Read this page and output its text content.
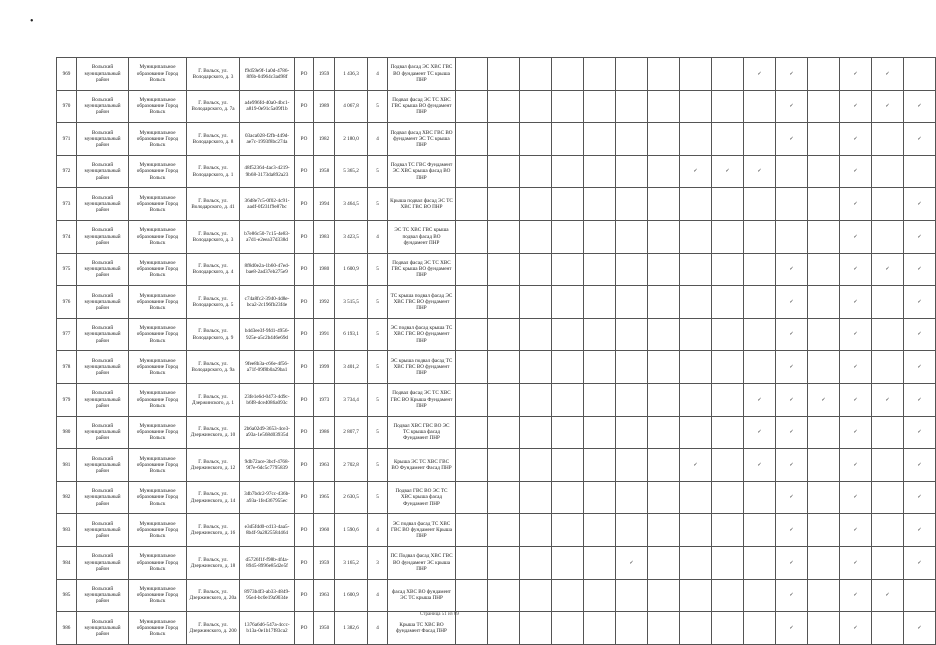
•
969	Вольский муниципальный район	Муниципальное образование Город Вольск	Г. Вольск, ул. Володарского, д. 3	f9d59e9f-1a0d-4786-8f6b-04964c3ad98f	РО	1959	1 436,3	4	Подвал фасад ЭС ХВС ГВС ВО фундамент ТС крыша ПНР										✓	✓		✓	✓	
970	Вольский муниципальный район	Муниципальное образование Город Вольск	Г. Вольск, ул. Володарского, д. 7а	a4e996fd-40a0-4bc1-a819-0e91c5a09f1b	РО	1989	4 067,8	5	Подвал фасад ЭС ТС ХВС ГВС крыша ВО фундамент ПНР											✓		✓	✓	✓
971	Вольский муниципальный район	Муниципальное образование Город Вольск	Г. Вольск, ул. Володарского, д. 8	03aca028-f2fb-449d-ae7c-1993f8bc274a	РО	1982	2 180,0	4	Подвал фасад ХВС ГВС ВО фундамент ЭС ТС крыша ПНР											✓		✓		✓
972	Вольский муниципальный район	Муниципальное образование Город Вольск	Г. Вольск, ул. Володарского, д. 1	48f52364-4ac3-4219-9b68-3173da892a23	РО	1958	5 365,2	5	Подвал ТС ГВС Фундамент ЭС ХВС крыша фасад ВО ПНР								✓	✓	✓			✓		
973	Вольский муниципальный район	Муниципальное образование Город Вольск	Г. Вольск, ул. Володарского, д. 41	36d8e7c5-0f02-4c91-aadf-0f231f9e87bc	РО	1994	3 464,5	5	Крыша подвал фасад ЭС ТС ХВС ГВС ВО ПНР													✓		✓
974	Вольский муниципальный район	Муниципальное образование Город Вольск	Г. Вольск, ул. Володарского, д. 3	b7e86c50-7c15-4e83-a7d1-e2eea37d338d	РО	1983	3 423,5	4	ЭС ТС ХВС ГВС крыша подвал фасад ВО фундамент ПНР													✓		✓
975	Вольский муниципальный район	Муниципальное образование Город Вольск	Г. Вольск, ул. Володарского, д. 4	8f8d0e2a-1b60-47ed-bae8-2ad37eb275e9	РО	1980	1 600,9	5	Подвал фасад ЭС ТС ХВС ГВС крыша ВО фундамент ПНР											✓		✓	✓	✓
976	Вольский муниципальный район	Муниципальное образование Город Вольск	Г. Вольск, ул. Володарского, д. 5	c74a8fc2-3940-4d8e-bca2-2c196fb23f4e	РО	1992	3 515,5	5	ТС крыша подвал фасад ЭС ХВС ГВС ВО фундамент ПНР											✓		✓		✓
977	Вольский муниципальный район	Муниципальное образование Город Вольск	Г. Вольск, ул. Володарского, д. 9	b4d3ee3f-9fd1-4956-925e-a5c2b446e69d	РО	1991	6 193,1	5	ЭС подвал фасад крыша ТС ХВС ГВС ВО фундамент ПНР											✓		✓		✓
978	Вольский муниципальный район	Муниципальное образование Город Вольск	Г. Вольск, ул. Володарского, д. 9а	9fee8b3a-c66e-4f56-a71f-09f8b0a29ba1	РО	1999	3 401,2	5	ЭС крыша подвал фасад ТС ХВС ГВС ВО фундамент ПНР											✓		✓		✓
979	Вольский муниципальный район	Муниципальное образование Город Вольск	Г. Вольск, ул. Дзержинского, д. 1	23fe1e6d-0473-4d9c-b6f8-dce4086a093c	РО	1973	3 734,4	5	Подвал фасад ЭС ТС ХВС ГВС ВО Крыша Фундамент ПНР										✓	✓	✓	✓	✓	✓
980	Вольский муниципальный район	Муниципальное образование Город Вольск	Г. Вольск, ул. Дзержинского, д. 10	2b6a02d9-3653-4ce3-a93a-1e568d03935d	РО	1986	2 807,7	5	Подвал ХВС ГВС ВО ЭС ТС крыша фасад Фундамент ПНР										✓	✓		✓		✓
981	Вольский муниципальный район	Муниципальное образование Город Вольск	Г. Вольск, ул. Дзержинского, д. 12	9db72ace-3bcf-4768-9f7e-6dc5c7795839	РО	1963	2 702,8	5	Крыша ЭС ТС ХВС ГВС ВО Фундамент Фасад ПНР								✓		✓	✓		✓		✓
982	Вольский муниципальный район	Муниципальное образование Город Вольск	Г. Вольск, ул. Дзержинского, д. 14	34b7bdc2-97cc-436b-a93a-1fe4367955ec	РО	1965	2 630,5	5	Подвал ГВС ВО ЭС ТС ХВС крыша фасад Фундамент ПНР											✓		✓		✓
983	Вольский муниципальный район	Муниципальное образование Город Вольск	Г. Вольск, ул. Дзержинского, д. 16	e3d5fdd0-cd13-4aa5-8b4f-9a2825584464	РО	1960	1 590,6	4	ЭС подвал фасад ТС ХВС ГВС ВО фундамент Крыша ПНР											✓		✓		✓
984	Вольский муниципальный район	Муниципальное образование Город Вольск	Г. Вольск, ул. Дзержинского, д. 18	d5726f1f-f98b-4f4a-8945-8996e85d2e5f	РО	1959	3 165,2	3	ПС Подвал фасад ХВС ГВС ВО фундамент ЭС крыша ПНР						✓					✓		✓		✓
985	Вольский муниципальный район	Муниципальное образование Город Вольск	Г. Вольск, ул. Дзержинского, д. 20а	8973b4f3-ab33-4849-95e4-bc0e19a9034e	РО	1963	1 600,9	4	фасад ХВС ВО фундамент ЭС ТС крыша ПНР											✓		✓	✓	
986	Вольский муниципальный район	Муниципальное образование Город Вольск	Г. Вольск, ул. Дзержинского, д. 200	1376a6d6-547a-4ccc-b13a-0e1b17f83ca2	РО	1950	1 382,6	4	Крыша ТС ХВС ВО фундамент Фасад ПНР											✓		✓		✓
Страница 51 из 69
